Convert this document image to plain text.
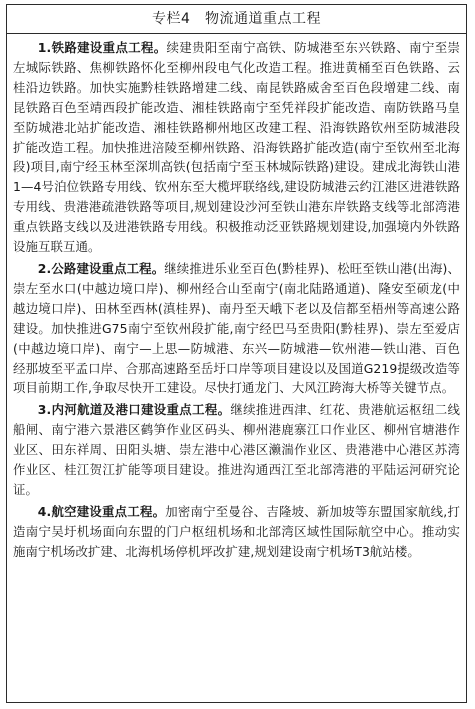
专栏4　物流通道重点工程

1.铁路建设重点工程。续建贵阳至南宁高铁、防城港至东兴铁路、南宁至崇左城际铁路、焦柳铁路怀化至柳州段电气化改造工程。推进黄桶至百色铁路、云桂沿边铁路。加快实施黔桂铁路增建二线、南昆铁路威舍至百色段增建二线、南昆铁路百色至靖西段扩能改造、湘桂铁路南宁至凭祥段扩能改造、南防铁路马皇至防城港北站扩能改造、湘桂铁路柳州地区改建工程、沿海铁路钦州至防城港段扩能改造工程。加快推进涪陵至柳州铁路、沿海铁路扩能改造(南宁至钦州至北海段)项目,南宁经玉林至深圳高铁(包括南宁至玉林城际铁路)建设。建成北海铁山港1—4号泊位铁路专用线、钦州东至大榄坪联络线,建设防城港云约江港区进港铁路专用线、贵港港疏港铁路等项目,规划建设沙河至铁山港东岸铁路支线等北部湾港重点铁路支线以及进港铁路专用线。积极推动泛亚铁路规划建设,加强境内外铁路设施互联互通。

2.公路建设重点工程。继续推进乐业至百色(黔桂界)、松旺至铁山港(出海)、崇左至水口(中越边境口岸)、柳州经合山至南宁(南北陆路通道)、隆安至硕龙(中越边境口岸)、田林至西林(滇桂界)、南丹至天峨下老以及信都至梧州等高速公路建设。加快推进G75南宁至钦州段扩能,南宁经巴马至贵阳(黔桂界)、崇左至爱店(中越边境口岸)、南宁—上思—防城港、东兴—防城港—钦州港—铁山港、百色经那坡至平孟口岸、合那高速路至岳圩口岸等项目建设以及国道G219提级改造等项目前期工作,争取尽快开工建设。尽快打通龙门、大风江跨海大桥等关键节点。

3.内河航道及港口建设重点工程。继续推进西津、红花、贵港航运枢纽二线船闸、南宁港六景港区鹤笋作业区码头、柳州港鹿寨江口作业区、柳州官塘港作业区、田东祥周、田阳头塘、崇左港中心港区濑湍作业区、贵港港中心港区苏湾作业区、桂江贺江扩能等项目建设。推进沟通西江至北部湾港的平陆运河研究论证。

4.航空建设重点工程。加密南宁至曼谷、吉隆坡、新加坡等东盟国家航线,打造南宁吴圩机场面向东盟的门户枢纽机场和北部湾区域性国际航空中心。推动实施南宁机场改扩建、北海机场停机坪改扩建,规划建设南宁机场T3航站楼。
